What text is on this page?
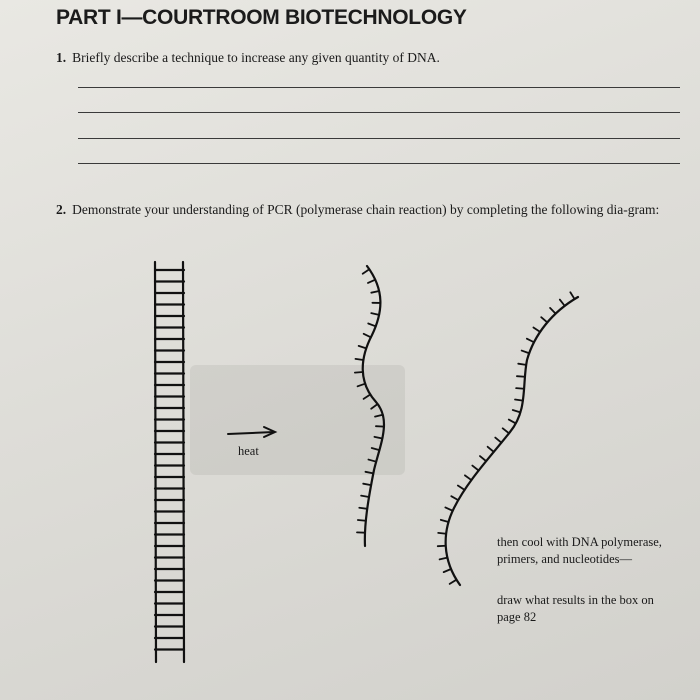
PART I—COURTROOM BIOTECHNOLOGY
1. Briefly describe a technique to increase any given quantity of DNA.
2. Demonstrate your understanding of PCR (polymerase chain reaction) by completing the following dia-gram:
heat
then cool with DNA polymerase, primers, and nucleotides—
draw what results in the box on page 82
